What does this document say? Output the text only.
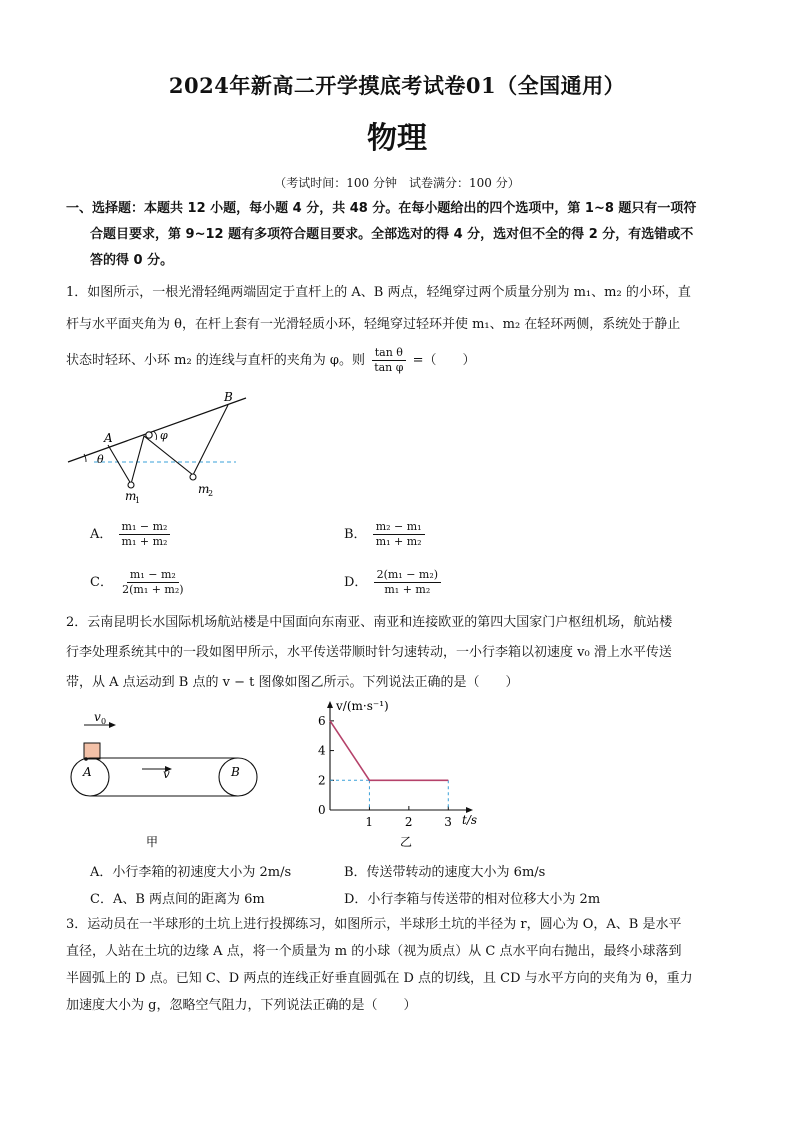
2024年新高二开学摸底考试卷01（全国通用）
物理
（考试时间：100 分钟　试卷满分：100 分）
一、选择题：本题共 12 小题，每小题 4 分，共 48 分。在每小题给出的四个选项中，第 1~8 题只有一项符
合题目要求，第 9~12 题有多项符合题目要求。全部选对的得 4 分，选对但不全的得 2 分，有选错或不
答的得 0 分。
1．如图所示，一根光滑轻绳两端固定于直杆上的 A、B 两点，轻绳穿过两个质量分别为 m₁、m₂ 的小环，直
杆与水平面夹角为 θ，在杆上套有一光滑轻质小环，轻绳穿过轻环并使 m₁、m₂ 在轻环两侧，系统处于静止
状态时轻环、小环 m₂ 的连线与直杆的夹角为 φ。则 $\frac{\text{tan θ}}{\text{tan φ}}$ =（　　）
A
B
φ
θ
m
1
m
2
A． $\frac{\text{m₁ − m₂}}{\text{m₁ + m₂}}$	B． $\frac{\text{m₂ − m₁}}{\text{m₁ + m₂}}$
C． $\frac{\text{m₁ − m₂}}{\text{2(m₁ + m₂)}}$	D． $\frac{\text{2(m₁ − m₂)}}{\text{m₁ + m₂}}$
2．云南昆明长水国际机场航站楼是中国面向东南亚、南亚和连接欧亚的第四大国家门户枢纽机场，航站楼
行李处理系统其中的一段如图甲所示，水平传送带顺时针匀速转动，一小行李箱以初速度 v₀ 滑上水平传送
带，从 A 点运动到 B 点的 v − t 图像如图乙所示。下列说法正确的是（　　）
v 0
A	B
v
甲
0
2
4
6
1	2	3
v/(m·s⁻¹)
t/s
乙
A．小行李箱的初速度大小为 2m/s	B．传送带转动的速度大小为 6m/s
C．A、B 两点间的距离为 6m	D．小行李箱与传送带的相对位移大小为 2m
3．运动员在一半球形的土坑上进行投掷练习，如图所示，半球形土坑的半径为 r，圆心为 O，A、B 是水平
直径，人站在土坑的边缘 A 点，将一个质量为 m 的小球（视为质点）从 C 点水平向右抛出，最终小球落到
半圆弧上的 D 点。已知 C、D 两点的连线正好垂直圆弧在 D 点的切线，且 CD 与水平方向的夹角为 θ，重力
加速度大小为 g，忽略空气阻力，下列说法正确的是（　　）
